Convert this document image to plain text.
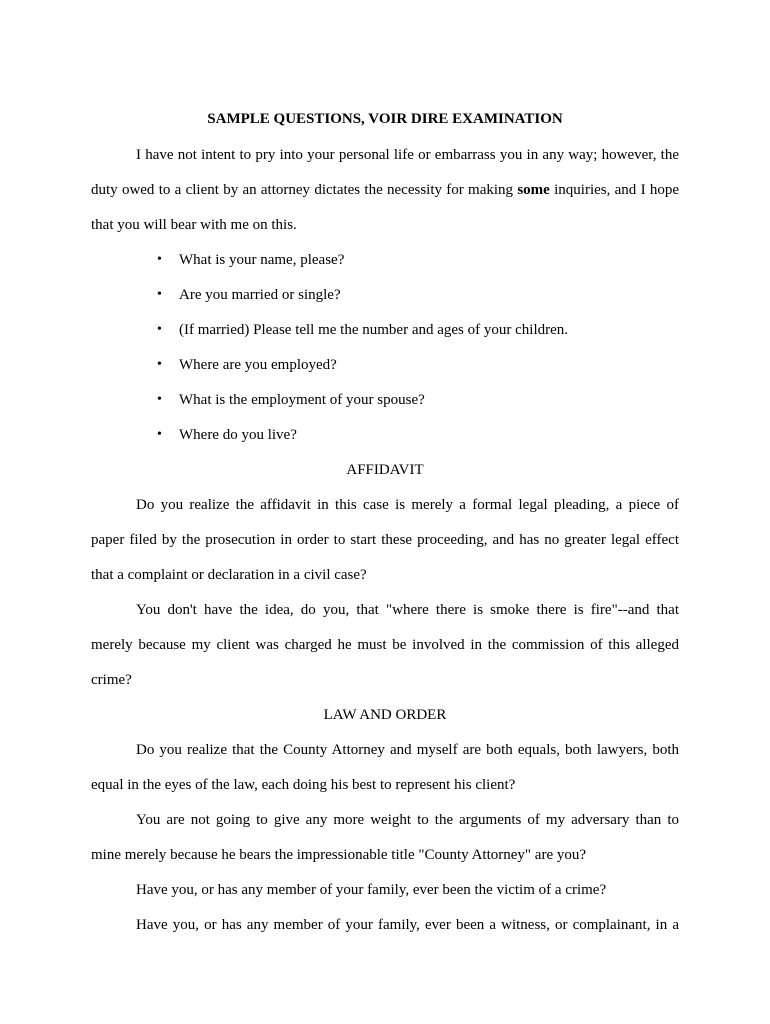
SAMPLE QUESTIONS, VOIR DIRE EXAMINATION
I have not intent to pry into your personal life or embarrass you in any way; however, the
duty owed to a client by an attorney dictates the necessity for making some inquiries, and I hope
that you will bear with me on this.
•	What is your name, please?
•	Are you married or single?
•	(If married) Please tell me the number and ages of your children.
•	Where are you employed?
•	What is the employment of your spouse?
•	Where do you live?
AFFIDAVIT
Do you realize the affidavit in this case is merely a formal legal pleading, a piece of
paper filed by the prosecution in order to start these proceeding, and has no greater legal effect
that a complaint or declaration in a civil case?
You don't have the idea, do you, that "where there is smoke there is fire"--and that
merely because my client was charged he must be involved in the commission of this alleged
crime?
LAW AND ORDER
Do you realize that the County Attorney and myself are both equals, both lawyers, both
equal in the eyes of the law, each doing his best to represent his client?
You are not going to give any more weight to the arguments of my adversary than to
mine merely because he bears the impressionable title "County Attorney" are you?
Have you, or has any member of your family, ever been the victim of a crime?
Have you, or has any member of your family, ever been a witness, or complainant, in a
